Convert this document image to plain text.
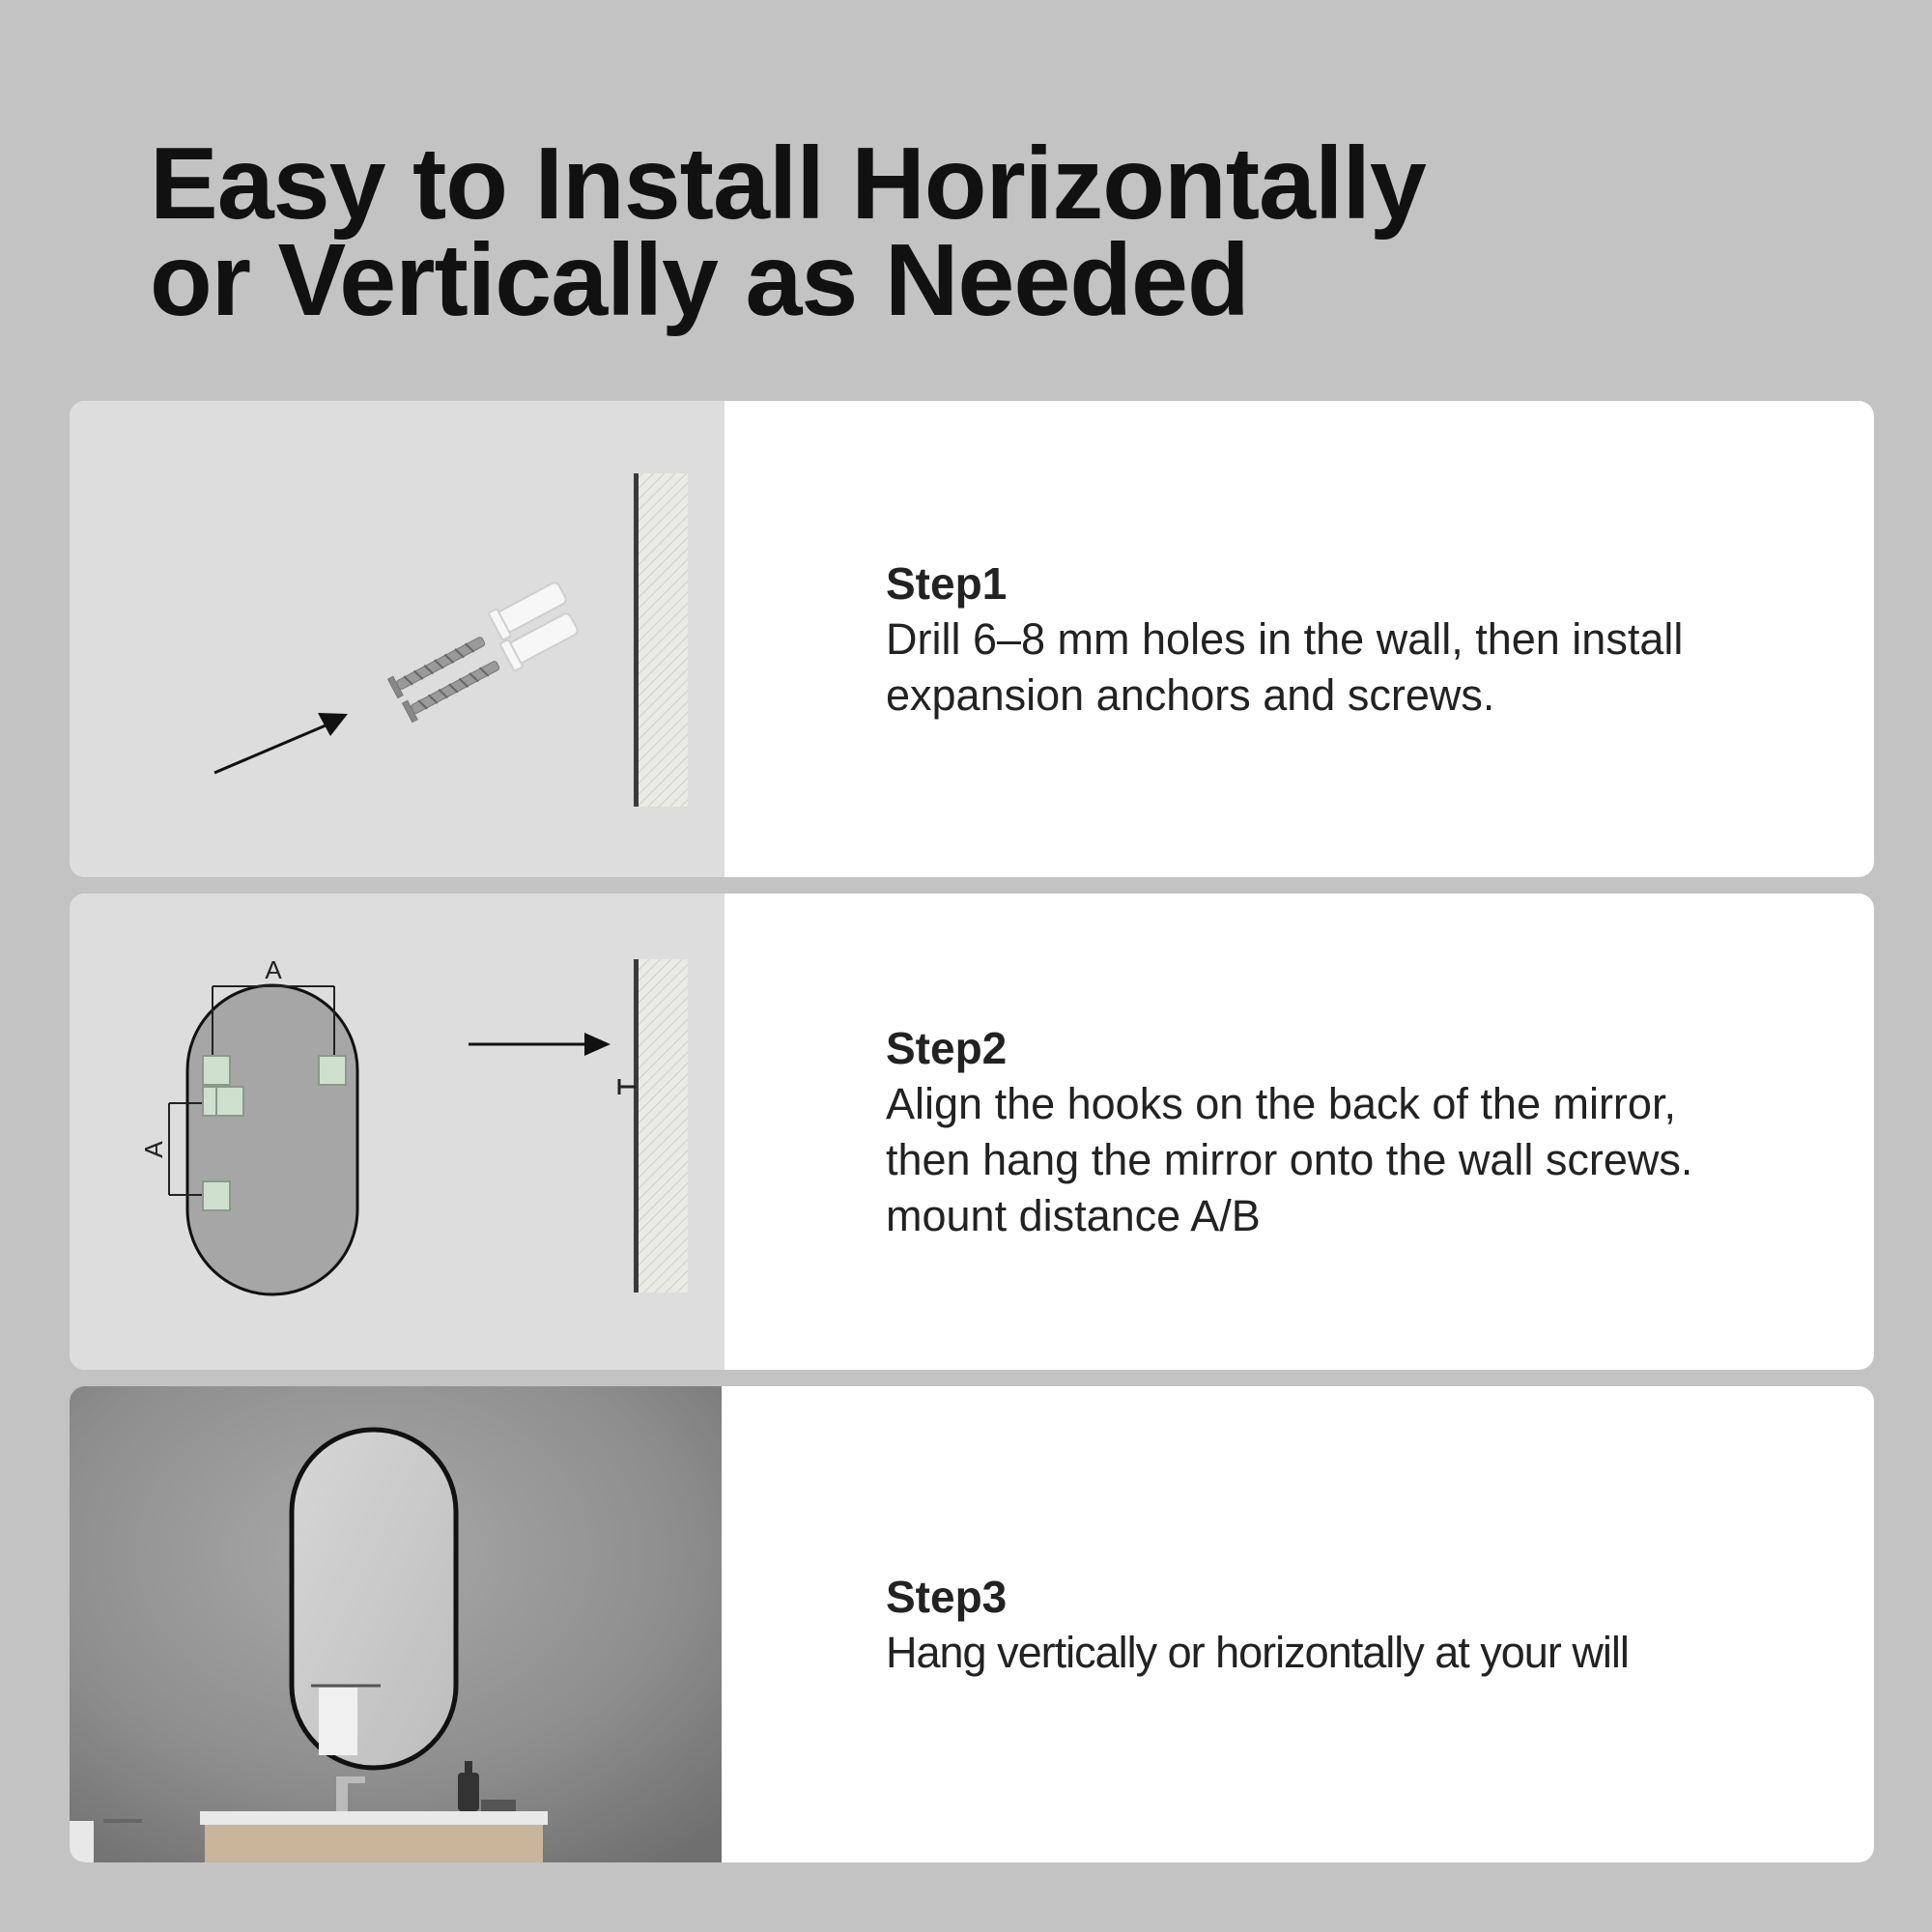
Easy to Install Horizontally
or Vertically as Needed
Step1
Drill 6–8 mm holes in the wall, then install
expansion anchors and screws.
A
A
Step2
Align the hooks on the back of the mirror,
then hang the mirror onto the wall screws.
mount distance A/B
Step3
Hang vertically or horizontally at your will
